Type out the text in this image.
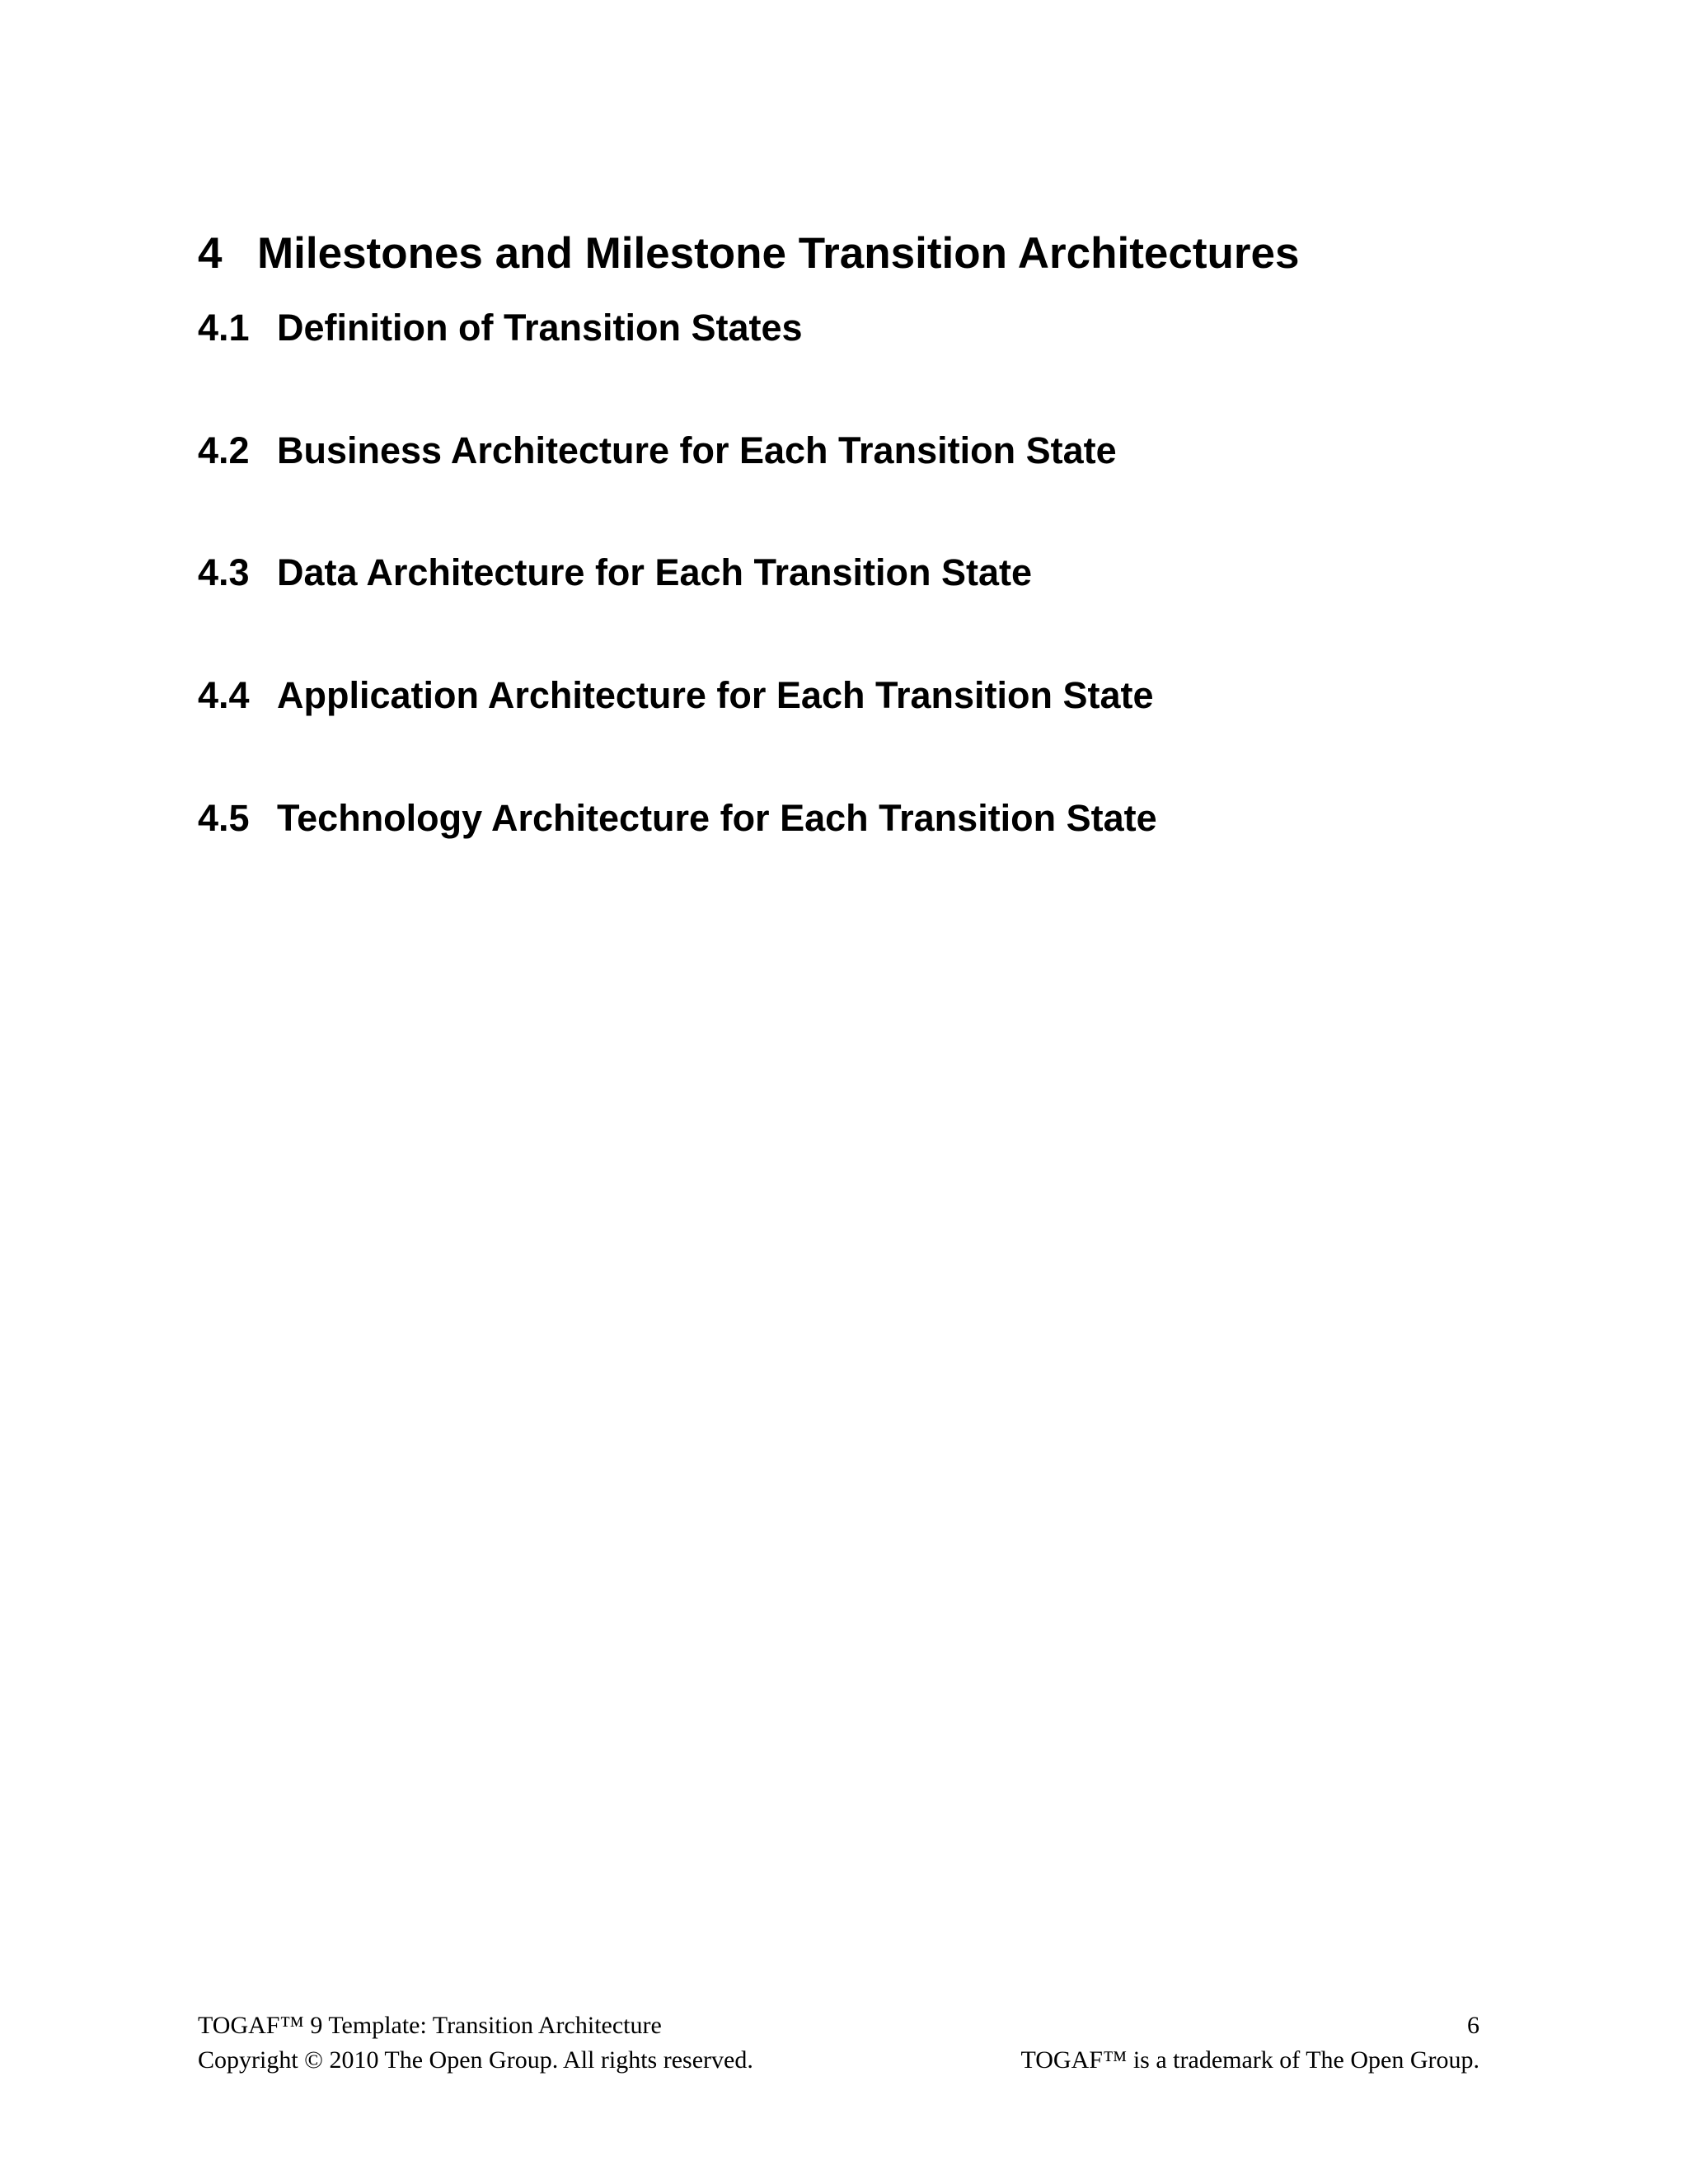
4 Milestones and Milestone Transition Architectures
4.1 Definition of Transition States
4.2 Business Architecture for Each Transition State
4.3 Data Architecture for Each Transition State
4.4 Application Architecture for Each Transition State
4.5 Technology Architecture for Each Transition State
TOGAF™ 9 Template: Transition Architecture
Copyright © 2010 The Open Group. All rights reserved.
6
TOGAF™ is a trademark of The Open Group.
